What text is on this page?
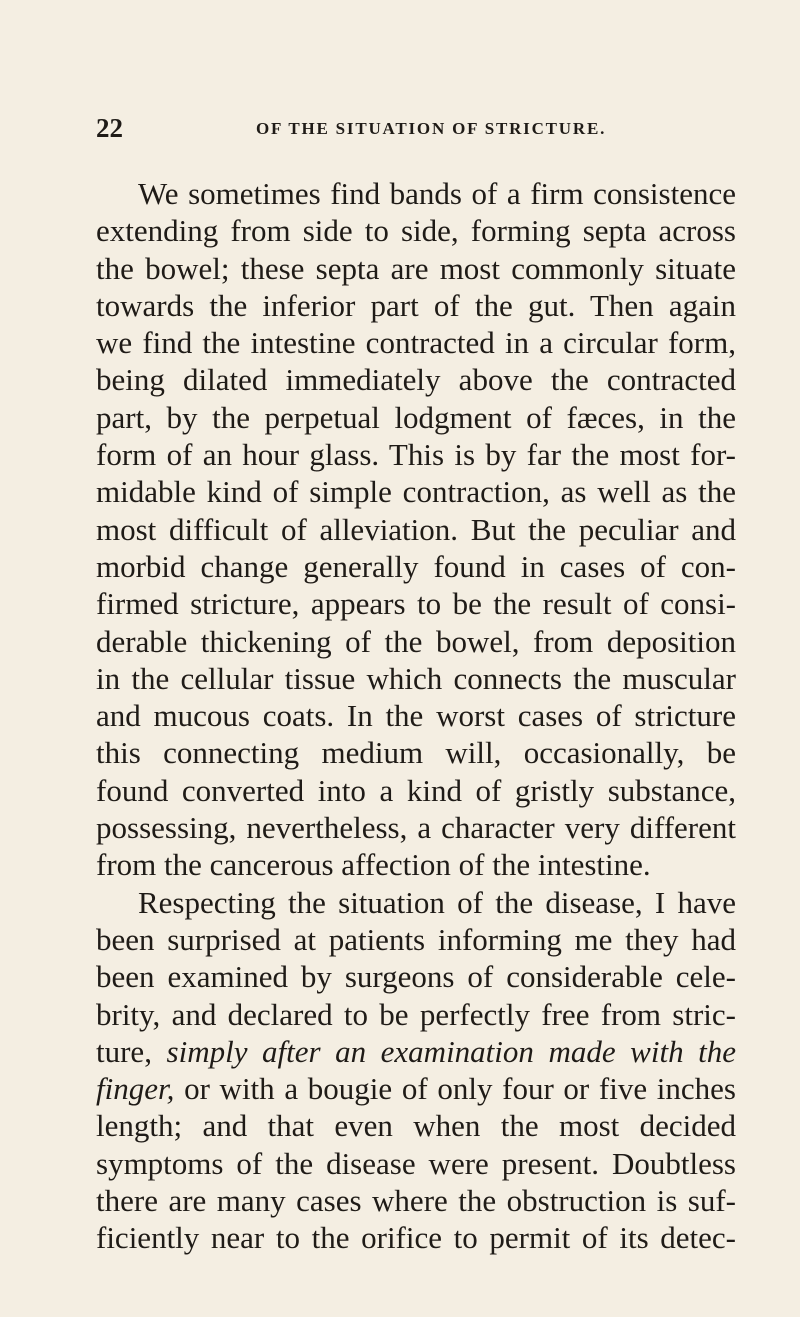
22	OF THE SITUATION OF STRICTURE.
We sometimes find bands of a firm consistence
extending from side to side, forming septa across
the bowel; these septa are most commonly situate
towards the inferior part of the gut. Then again
we find the intestine contracted in a circular form,
being dilated immediately above the contracted
part, by the perpetual lodgment of fæces, in the
form of an hour glass. This is by far the most for-
midable kind of simple contraction, as well as the
most difficult of alleviation. But the peculiar and
morbid change generally found in cases of con-
firmed stricture, appears to be the result of consi-
derable thickening of the bowel, from deposition
in the cellular tissue which connects the muscular
and mucous coats. In the worst cases of stricture
this connecting medium will, occasionally, be
found converted into a kind of gristly substance,
possessing, nevertheless, a character very different
from the cancerous affection of the intestine.
Respecting the situation of the disease, I have
been surprised at patients informing me they had
been examined by surgeons of considerable cele-
brity, and declared to be perfectly free from stric-
ture, simply after an examination made with the
finger, or with a bougie of only four or five inches
length; and that even when the most decided
symptoms of the disease were present. Doubtless
there are many cases where the obstruction is suf-
ficiently near to the orifice to permit of its detec-
